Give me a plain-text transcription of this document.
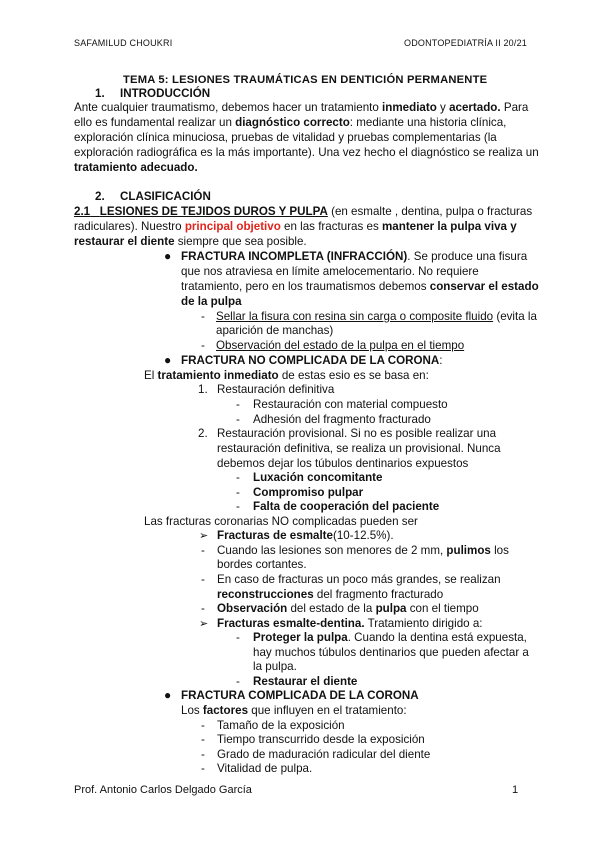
SAFAMILUD CHOUKRI	ODONTOPEDIATRÍA II 20/21
TEMA 5: LESIONES TRAUMÁTICAS EN DENTICIÓN PERMANENTE
1. INTRODUCCIÓN
Ante cualquier traumatismo, debemos hacer un tratamiento inmediato y acertado. Para
ello es fundamental realizar un diagnóstico correcto: mediante una historia clínica,
exploración clínica minuciosa, pruebas de vitalidad y pruebas complementarias (la
exploración radiográfica es la más importante). Una vez hecho el diagnóstico se realiza un
tratamiento adecuado.
2. CLASIFICACIÓN
2.1 LESIONES DE TEJIDOS DUROS Y PULPA (en esmalte , dentina, pulpa o fracturas
radiculares). Nuestro principal objetivo en las fracturas es mantener la pulpa viva y
restaurar el diente siempre que sea posible.
● FRACTURA INCOMPLETA (INFRACCIÓN). Se produce una fisura
que nos atraviesa en límite amelocementario. No requiere
tratamiento, pero en los traumatismos debemos conservar el estado
de la pulpa
- Sellar la fisura con resina sin carga o composite fluido (evita la
aparición de manchas)
- Observación del estado de la pulpa en el tiempo
● FRACTURA NO COMPLICADA DE LA CORONA:
El tratamiento inmediato de estas esio es se basa en:
1. Restauración definitiva
- Restauración con material compuesto
- Adhesión del fragmento fracturado
2. Restauración provisional. Si no es posible realizar una
restauración definitiva, se realiza un provisional. Nunca
debemos dejar los túbulos dentinarios expuestos
- Luxación concomitante
- Compromiso pulpar
- Falta de cooperación del paciente
Las fracturas coronarias NO complicadas pueden ser
➢ Fracturas de esmalte(10-12.5%).
- Cuando las lesiones son menores de 2 mm, pulimos los
bordes cortantes.
- En caso de fracturas un poco más grandes, se realizan
reconstrucciones del fragmento fracturado
- Observación del estado de la pulpa con el tiempo
➢ Fracturas esmalte-dentina. Tratamiento dirigido a:
- Proteger la pulpa. Cuando la dentina está expuesta,
hay muchos túbulos dentinarios que pueden afectar a
la pulpa.
- Restaurar el diente
● FRACTURA COMPLICADA DE LA CORONA
Los factores que influyen en el tratamiento:
- Tamaño de la exposición
- Tiempo transcurrido desde la exposición
- Grado de maduración radicular del diente
- Vitalidad de pulpa.
Prof. Antonio Carlos Delgado García	1
